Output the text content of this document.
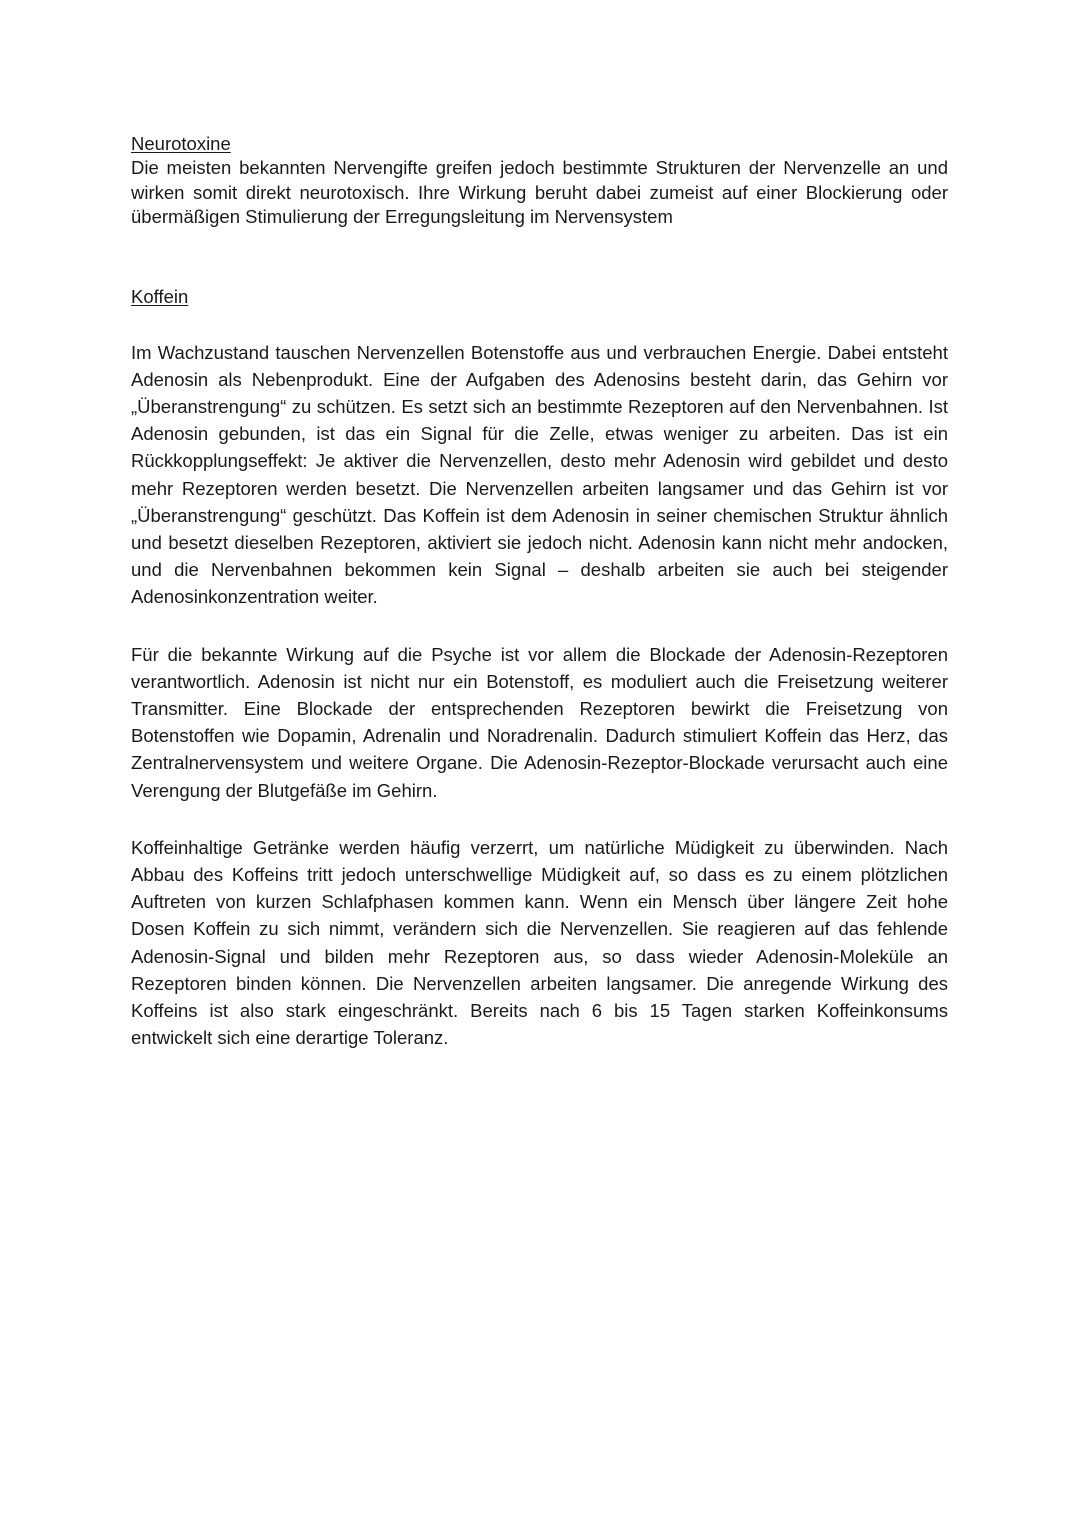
Neurotoxine

Die meisten bekannten Nervengifte greifen jedoch bestimmte Strukturen der Nervenzelle an und wirken somit direkt neurotoxisch. Ihre Wirkung beruht dabei zumeist auf einer Blockierung oder übermäßigen Stimulierung der Erregungsleitung im Nervensystem

Koffein

Im Wachzustand tauschen Nervenzellen Botenstoffe aus und verbrauchen Energie. Dabei entsteht Adenosin als Nebenprodukt. Eine der Aufgaben des Adenosins besteht darin, das Gehirn vor „Überanstrengung“ zu schützen. Es setzt sich an bestimmte Rezeptoren auf den Nervenbahnen. Ist Adenosin gebunden, ist das ein Signal für die Zelle, etwas weniger zu arbeiten. Das ist ein Rückkopplungseffekt: Je aktiver die Nervenzellen, desto mehr Adenosin wird gebildet und desto mehr Rezeptoren werden besetzt. Die Nervenzellen arbeiten langsamer und das Gehirn ist vor „Überanstrengung“ geschützt. Das Koffein ist dem Adenosin in seiner chemischen Struktur ähnlich und besetzt dieselben Rezeptoren, aktiviert sie jedoch nicht. Adenosin kann nicht mehr andocken, und die Nervenbahnen bekommen kein Signal – deshalb arbeiten sie auch bei steigender Adenosinkonzentration weiter.

Für die bekannte Wirkung auf die Psyche ist vor allem die Blockade der Adenosin-Rezeptoren verantwortlich. Adenosin ist nicht nur ein Botenstoff, es moduliert auch die Freisetzung weiterer Transmitter. Eine Blockade der entsprechenden Rezeptoren bewirkt die Freisetzung von Botenstoffen wie Dopamin, Adrenalin und Noradrenalin. Dadurch stimuliert Koffein das Herz, das Zentralnervensystem und weitere Organe. Die Adenosin-Rezeptor-Blockade verursacht auch eine Verengung der Blutgefäße im Gehirn.

Koffeinhaltige Getränke werden häufig verzerrt, um natürliche Müdigkeit zu überwinden. Nach Abbau des Koffeins tritt jedoch unterschwellige Müdigkeit auf, so dass es zu einem plötzlichen Auftreten von kurzen Schlafphasen kommen kann. Wenn ein Mensch über längere Zeit hohe Dosen Koffein zu sich nimmt, verändern sich die Nervenzellen. Sie reagieren auf das fehlende Adenosin-Signal und bilden mehr Rezeptoren aus, so dass wieder Adenosin-Moleküle an Rezeptoren binden können. Die Nervenzellen arbeiten langsamer. Die anregende Wirkung des Koffeins ist also stark eingeschränkt. Bereits nach 6 bis 15 Tagen starken Koffeinkonsums entwickelt sich eine derartige Toleranz.
